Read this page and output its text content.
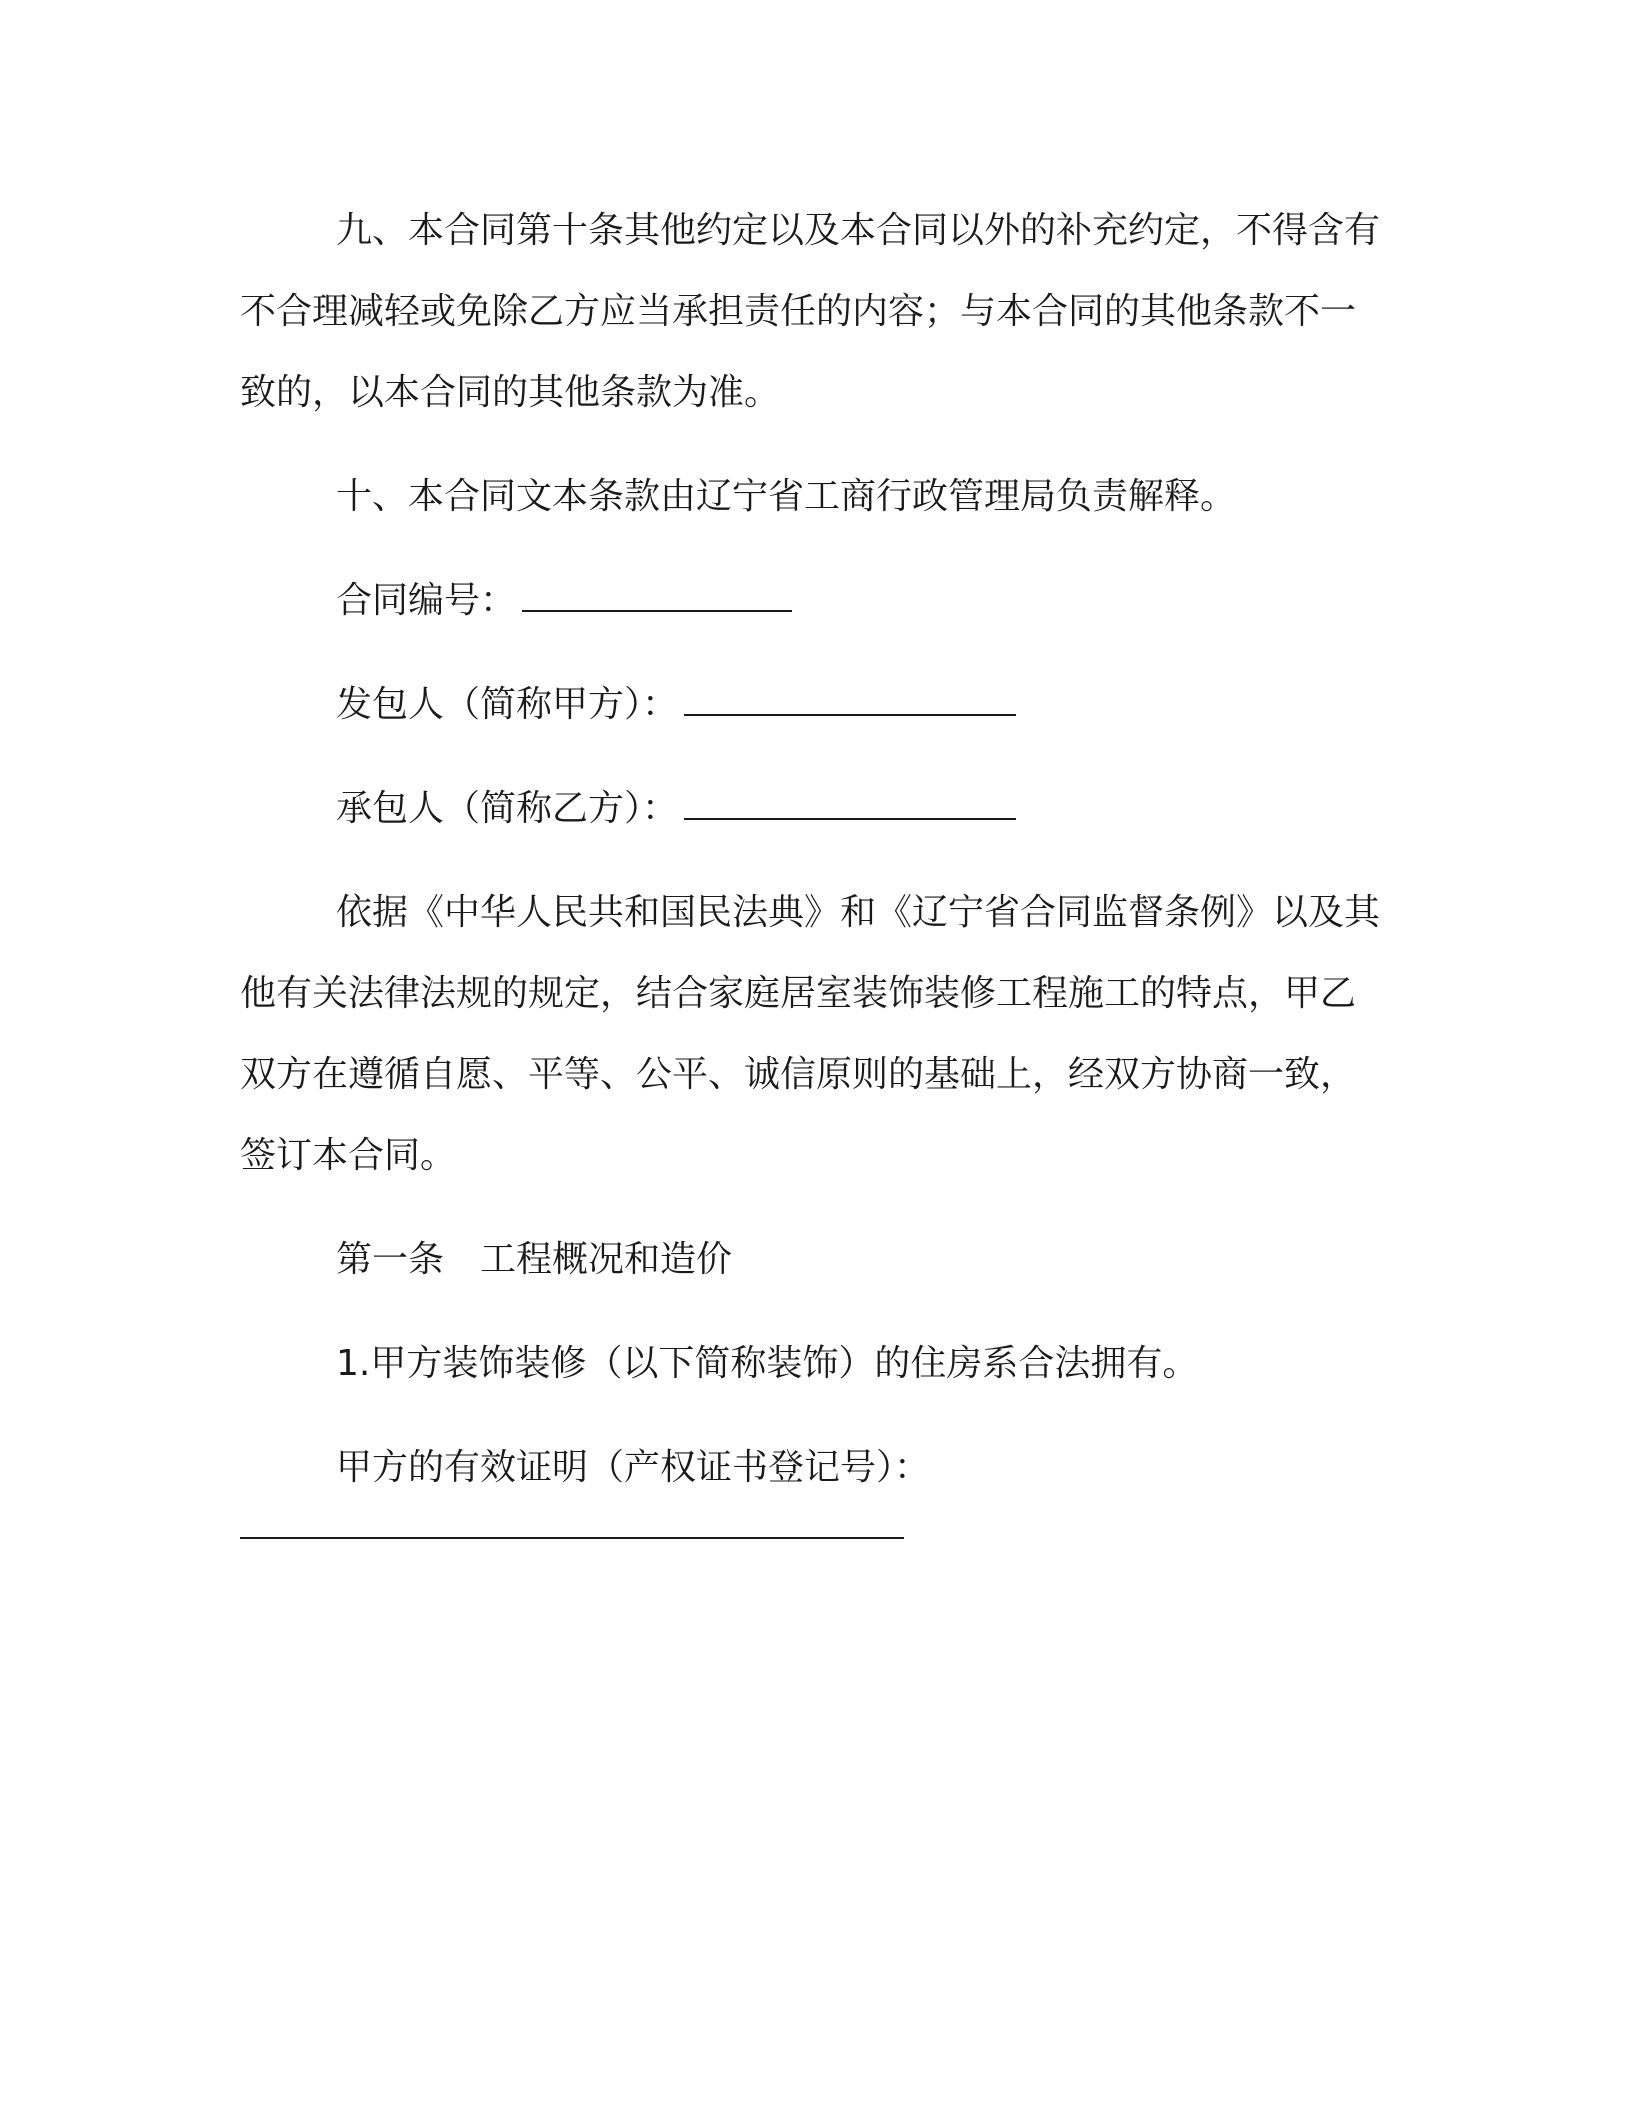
九、本合同第十条其他约定以及本合同以外的补充约定，不得含有不合理减轻或免除乙方应当承担责任的内容；与本合同的其他条款不一致的，以本合同的其他条款为准。

十、本合同文本条款由辽宁省工商行政管理局负责解释。

合同编号：

发包人（简称甲方）：

承包人（简称乙方）：

依据《中华人民共和国民法典》和《辽宁省合同监督条例》以及其他有关法律法规的规定，结合家庭居室装饰装修工程施工的特点，甲乙双方在遵循自愿、平等、公平、诚信原则的基础上，经双方协商一致，签订本合同。

第一条 工程概况和造价

1.甲方装饰装修（以下简称装饰）的住房系合法拥有。

甲方的有效证明（产权证书登记号）：
